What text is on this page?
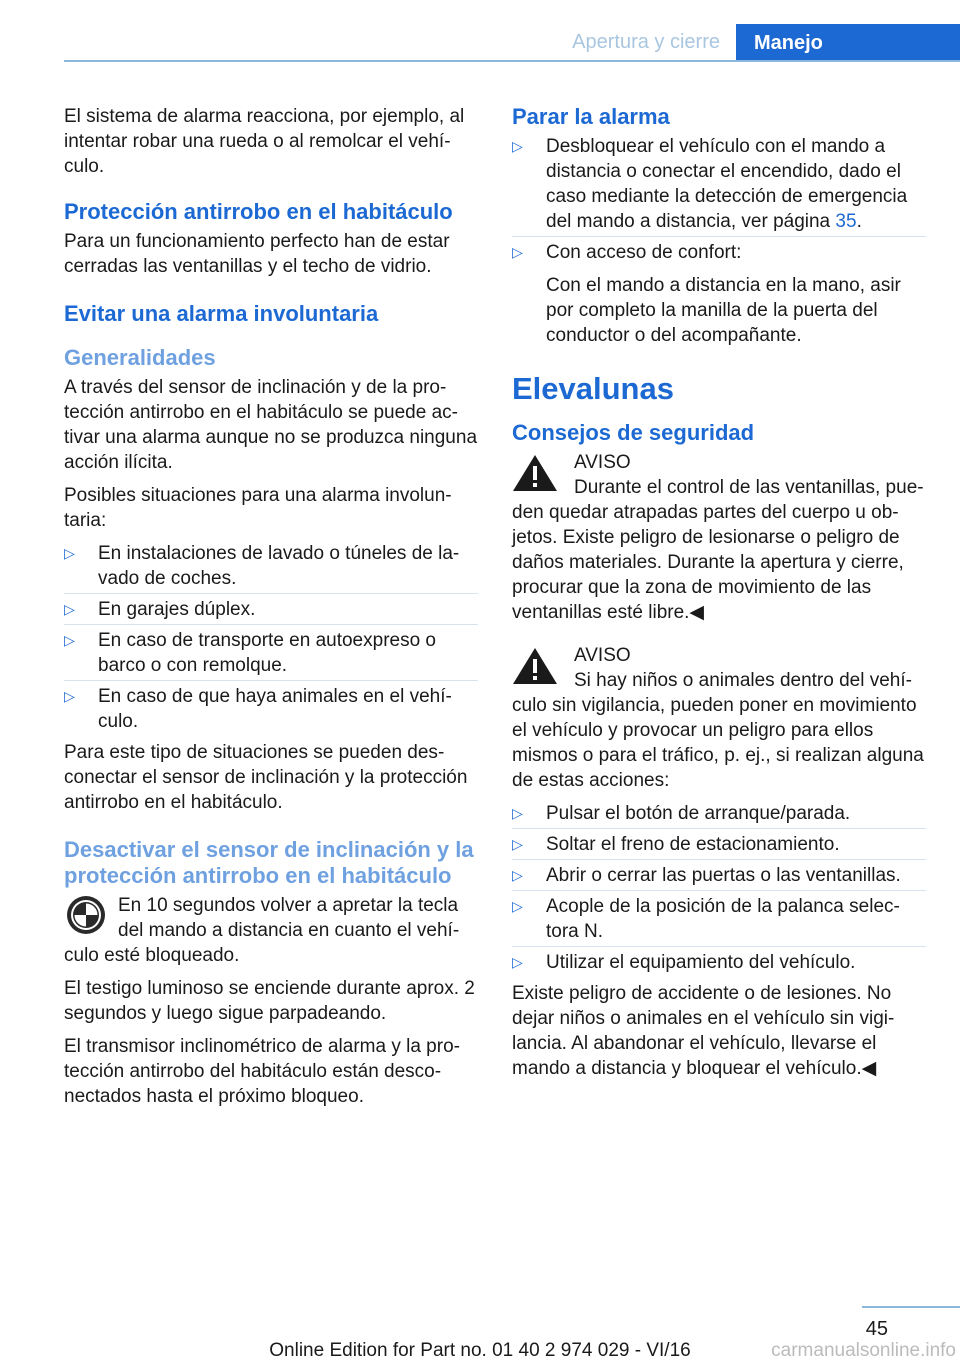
Apertura y cierre	Manejo

El sistema de alarma reacciona, por ejemplo, al intentar robar una rueda o al remolcar el vehículo.

Protección antirrobo en el habitáculo

Para un funcionamiento perfecto han de estar cerradas las ventanillas y el techo de vidrio.

Evitar una alarma involuntaria
Generalidades

A través del sensor de inclinación y de la protección antirrobo en el habitáculo se puede activar una alarma aunque no se produzca ninguna acción ilícita.

Posibles situaciones para una alarma involuntaria:

▷ En instalaciones de lavado o túneles de lavado de coches.
▷ En garajes dúplex.
▷ En caso de transporte en autoexpreso o barco o con remolque.
▷ En caso de que haya animales en el vehículo.

Para este tipo de situaciones se pueden desconectar el sensor de inclinación y la protección antirrobo en el habitáculo.

Desactivar el sensor de inclinación y la protección antirrobo en el habitáculo

En 10 segundos volver a apretar la tecla del mando a distancia en cuanto el vehículo esté bloqueado.

El testigo luminoso se enciende durante aprox. 2 segundos y luego sigue parpadeando.

El transmisor inclinométrico de alarma y la protección antirrobo del habitáculo están desconectados hasta el próximo bloqueo.

Parar la alarma
▷ Desbloquear el vehículo con el mando a distancia o conectar el encendido, dado el caso mediante la detección de emergencia del mando a distancia, ver página 35.
▷ Con acceso de confort:
Con el mando a distancia en la mano, asir por completo la manilla de la puerta del conductor o del acompañante.
Elevalunas
Consejos de seguridad
AVISO
Durante el control de las ventanillas, pueden quedar atrapadas partes del cuerpo u objetos. Existe peligro de lesionarse o peligro de daños materiales. Durante la apertura y cierre, procurar que la zona de movimiento de las ventanillas esté libre.◀
AVISO
Si hay niños o animales dentro del vehículo sin vigilancia, pueden poner en movimiento el vehículo y provocar un peligro para ellos mismos o para el tráfico, p. ej., si realizan alguna de estas acciones:
▷ Pulsar el botón de arranque/parada.
▷ Soltar el freno de estacionamiento.
▷ Abrir o cerrar las puertas o las ventanillas.
▷ Acople de la posición de la palanca selectora N.
▷ Utilizar el equipamiento del vehículo.

Existe peligro de accidente o de lesiones. No dejar niños o animales en el vehículo sin vigilancia. Al abandonar el vehículo, llevarse el mando a distancia y bloquear el vehículo.◀

45
Online Edition for Part no. 01 40 2 974 029 - VI/16	carmanualsonline.info
